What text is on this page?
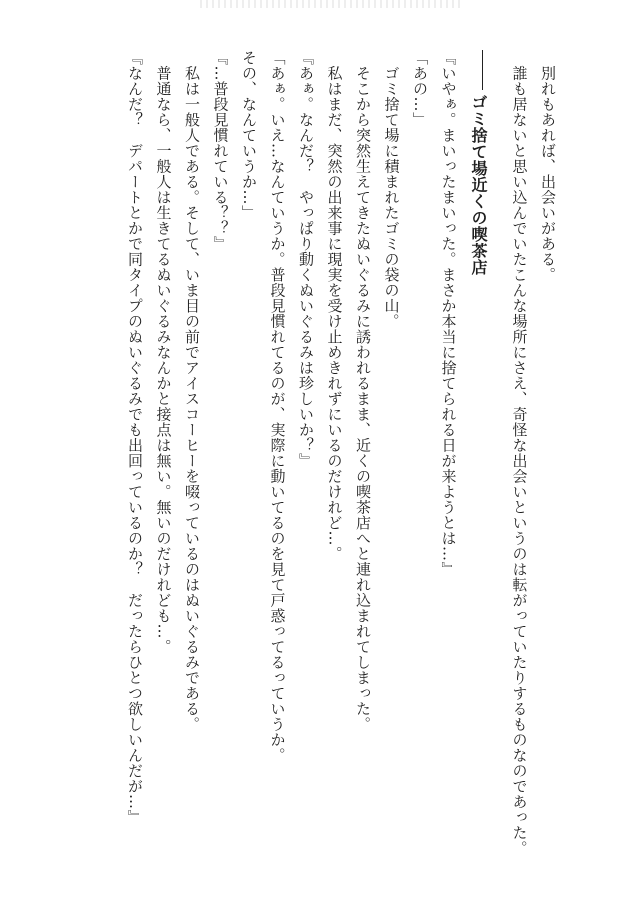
　別れもあれば、出会いがある。

　誰も居ないと思い込んでいたこんな場所にさえ、奇怪な出会いというのは転がっていたりするものなのであった。

ゴミ捨て場近くの喫茶店

『いやぁ。まいったまいった。まさか本当に捨てられる日が来ようとは…』

「あの…」

　ゴミ捨て場に積まれたゴミの袋の山。

　そこから突然生えてきたぬいぐるみに誘われるまま、近くの喫茶店へと連れ込まれてしまった。

　私はまだ、突然の出来事に現実を受け止めきれずにいるのだけれど…。

『あぁ。なんだ？　やっぱり動くぬいぐるみは珍しいか？』

「あぁ。いえ…なんていうか。普段見慣れてるのが、実際に動いてるのを見て戸惑ってるっていうか。

その、なんていうか…」

『…普段見慣れている？？』

　私は一般人である。そして、いま目の前でアイスコーヒーを啜っているのはぬいぐるみである。

　普通なら、一般人は生きてるぬいぐるみなんかと接点は無い。無いのだけれども…。

『なんだ？　デパートとかで同タイプのぬいぐるみでも出回っているのか？　だったらひとつ欲しいんだが…』
